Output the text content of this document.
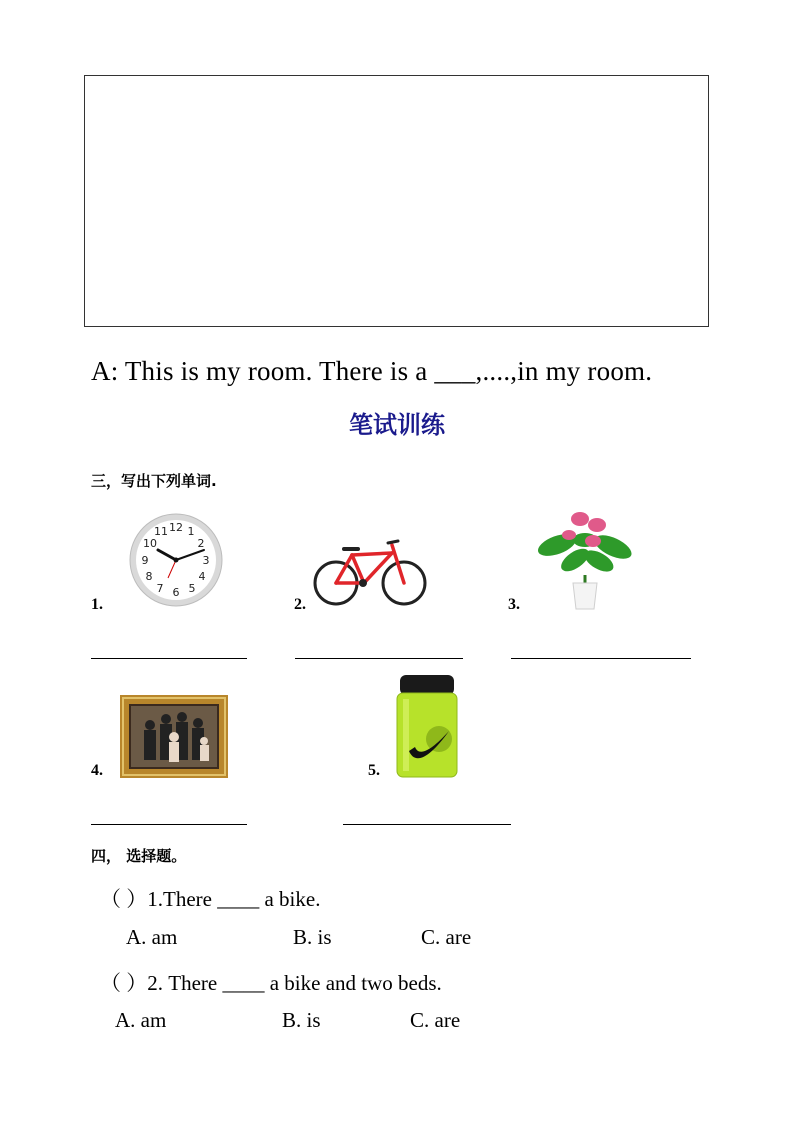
A: This is my room. There is a ___,....,in my room.
笔试训练
三，写出下列单词.
1.
12 1
2
3
4
5
6
7
8
9
10
11
2.	3.
4.	5.
四， 选择题。
（ ）1.There ____ a bike.
A. am	B. is	C. are
（ ）2. There ____ a bike and two beds.
A. am	B. is	C. are
